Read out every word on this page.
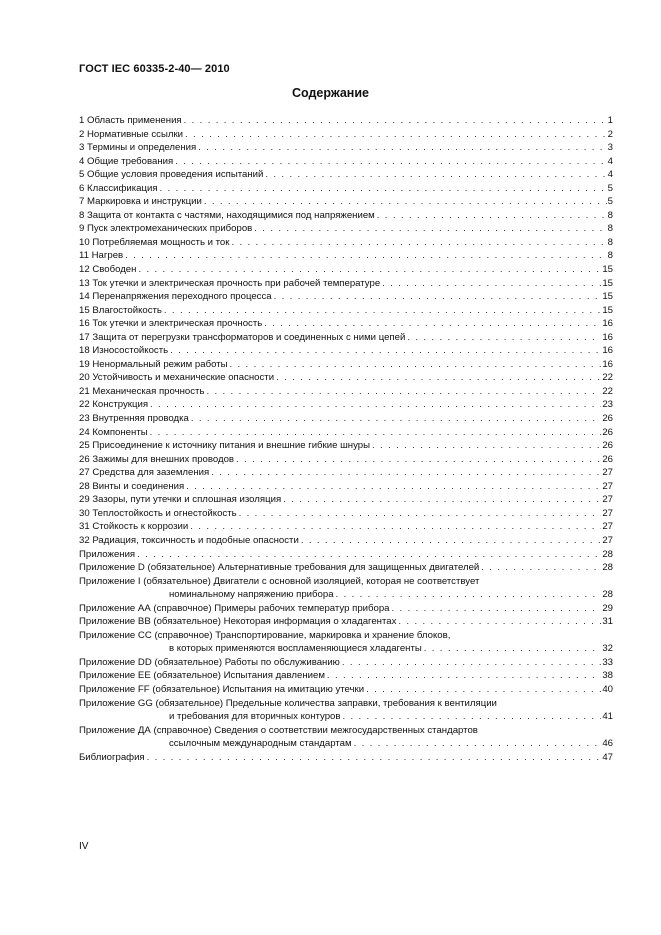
ГОСТ IEC 60335-2-40— 2010
Содержание
1 Область применения . . .	1
2 Нормативные ссылки . . .	2
3 Термины и определения . . .	3
4 Общие требования . . .	4
5 Общие условия проведения испытаний . . .	4
6 Классификация . . .	5
7 Маркировка и инструкции . . .	5
8 Защита от контакта с частями, находящимися под напряжением . . .	8
9 Пуск электромеханических приборов . . .	8
10 Потребляемая мощность и ток . . .	8
11 Нагрев . . .	8
12 Свободен . . .	15
13 Ток утечки и электрическая прочность при рабочей температуре . . .	15
14 Перенапряжения переходного процесса . . .	15
15 Влагостойкость . . .	15
16 Ток утечки и электрическая прочность . . .	16
17 Защита от перегрузки трансформаторов и соединенных с ними цепей . . .	16
18 Износостойкость . . .	16
19 Ненормальный режим работы . . .	16
20 Устойчивость и механические опасности . . .	22
21 Механическая прочность . . .	22
22 Конструкция . . .	23
23 Внутренняя проводка . . .	26
24 Компоненты . . .	26
25 Присоединение к источнику питания и внешние гибкие шнуры . . .	26
26 Зажимы для внешних проводов . . .	26
27 Средства для заземления . . .	27
28 Винты и соединения . . .	27
29 Зазоры, пути утечки и сплошная изоляция . . .	27
30 Теплостойкость и огнестойкость . . .	27
31 Стойкость к коррозии . . .	27
32 Радиация, токсичность и подобные опасности . . .	27
Приложения . . .	28
Приложение D (обязательное) Альтернативные требования для защищенных двигателей . . .	28
Приложение I (обязательное) Двигатели с основной изоляцией, которая не соответствует
номинальному напряжению прибора . . .	28
Приложение АА (справочное) Примеры рабочих температур прибора . . .	29
Приложение ВВ (обязательное) Некоторая информация о хладагентах . . .	31
Приложение СС (справочное) Транспортирование, маркировка и хранение блоков,
в которых применяются воспламеняющиеся хладагенты . . .	32
Приложение DD (обязательное) Работы по обслуживанию . . .	33
Приложение ЕЕ (обязательное) Испытания давлением . . .	38
Приложение FF (обязательное) Испытания на имитацию утечки . . .	40
Приложение GG (обязательное) Предельные количества заправки, требования к вентиляции
и требования для вторичных контуров . . .	41
Приложение ДА (справочное) Сведения о соответствии межгосударственных стандартов
ссылочным международным стандартам . . .	46
Библиография . . .	47
IV
